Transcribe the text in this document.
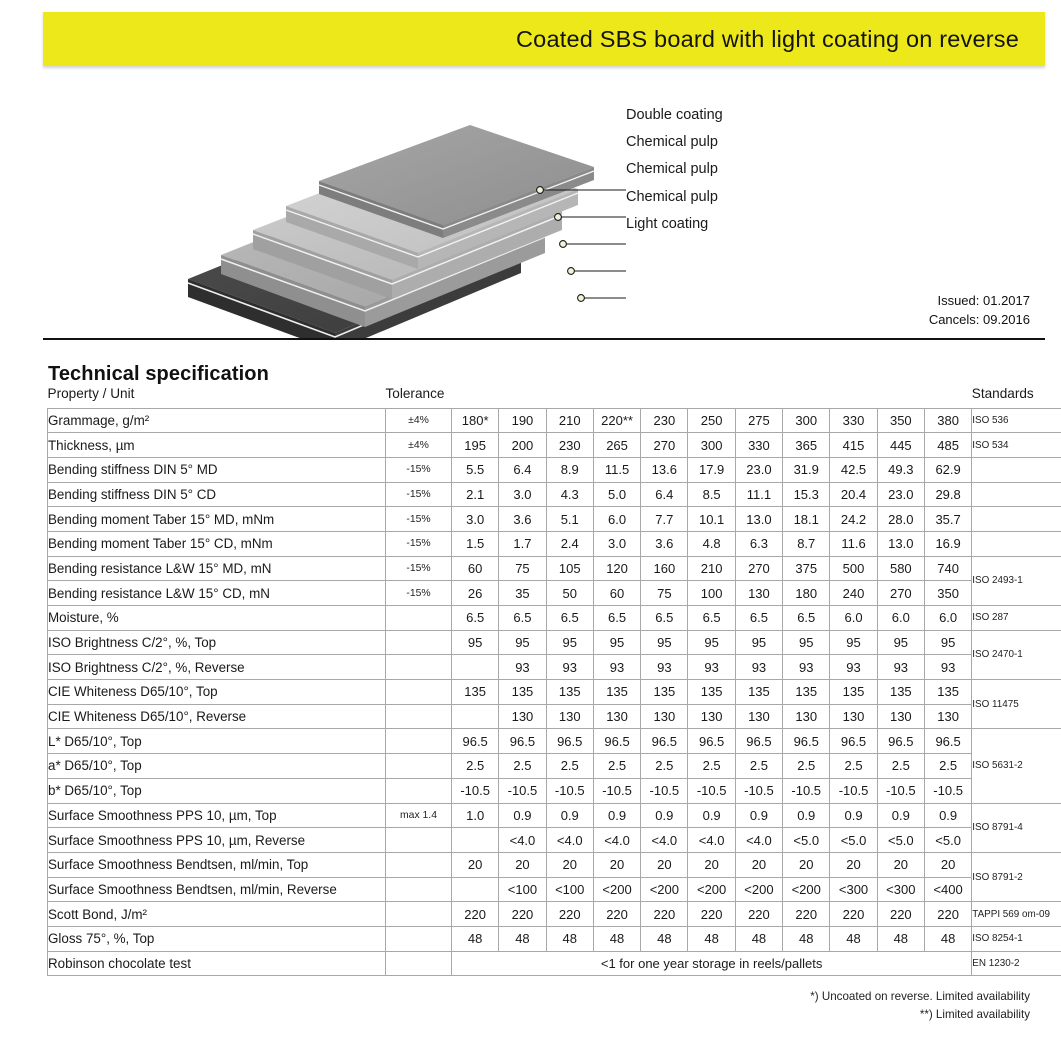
Coated SBS board with light coating on reverse
Double coating
Chemical pulp
Chemical pulp
Chemical pulp
Light coating
Issued: 01.2017
Cancels: 09.2016
Technical specification
Property / Unit	Tolerance												Standards
Grammage, g/m²	±4%	180*	190	210	220**	230	250	275	300	330	350	380	ISO 536
Thickness, µm	±4%	195	200	230	265	270	300	330	365	415	445	485	ISO 534
Bending stiffness DIN 5° MD	-15%	5.5	6.4	8.9	11.5	13.6	17.9	23.0	31.9	42.5	49.3	62.9	
Bending stiffness DIN 5° CD	-15%	2.1	3.0	4.3	5.0	6.4	8.5	11.1	15.3	20.4	23.0	29.8	
Bending moment Taber 15° MD, mNm	-15%	3.0	3.6	5.1	6.0	7.7	10.1	13.0	18.1	24.2	28.0	35.7	
Bending moment Taber 15° CD, mNm	-15%	1.5	1.7	2.4	3.0	3.6	4.8	6.3	8.7	11.6	13.0	16.9	
Bending resistance L&W 15° MD, mN	-15%	60	75	105	120	160	210	270	375	500	580	740	ISO 2493-1
Bending resistance L&W 15° CD, mN	-15%	26	35	50	60	75	100	130	180	240	270	350	
Moisture, %		6.5	6.5	6.5	6.5	6.5	6.5	6.5	6.5	6.0	6.0	6.0	ISO 287
ISO Brightness C/2°, %, Top		95	95	95	95	95	95	95	95	95	95	95	ISO 2470-1
ISO Brightness C/2°, %, Reverse			93	93	93	93	93	93	93	93	93	93	
CIE Whiteness D65/10°, Top		135	135	135	135	135	135	135	135	135	135	135	ISO 11475
CIE Whiteness D65/10°, Reverse			130	130	130	130	130	130	130	130	130	130	
L* D65/10°, Top		96.5	96.5	96.5	96.5	96.5	96.5	96.5	96.5	96.5	96.5	96.5	ISO 5631-2
a* D65/10°, Top		2.5	2.5	2.5	2.5	2.5	2.5	2.5	2.5	2.5	2.5	2.5	
b* D65/10°, Top		-10.5	-10.5	-10.5	-10.5	-10.5	-10.5	-10.5	-10.5	-10.5	-10.5	-10.5	
Surface Smoothness PPS 10, µm, Top	max 1.4	1.0	0.9	0.9	0.9	0.9	0.9	0.9	0.9	0.9	0.9	0.9	ISO 8791-4
Surface Smoothness PPS 10, µm, Reverse			<4.0	<4.0	<4.0	<4.0	<4.0	<4.0	<5.0	<5.0	<5.0	<5.0	
Surface Smoothness Bendtsen, ml/min, Top		20	20	20	20	20	20	20	20	20	20	20	ISO 8791-2
Surface Smoothness Bendtsen, ml/min, Reverse			<100	<100	<200	<200	<200	<200	<200	<300	<300	<400	
Scott Bond, J/m²		220	220	220	220	220	220	220	220	220	220	220	TAPPI 569 om-09
Gloss 75°, %, Top		48	48	48	48	48	48	48	48	48	48	48	ISO 8254-1
Robinson chocolate test		<1 for one year storage in reels/pallets											EN 1230-2
*) Uncoated on reverse. Limited availability
**) Limited availability
